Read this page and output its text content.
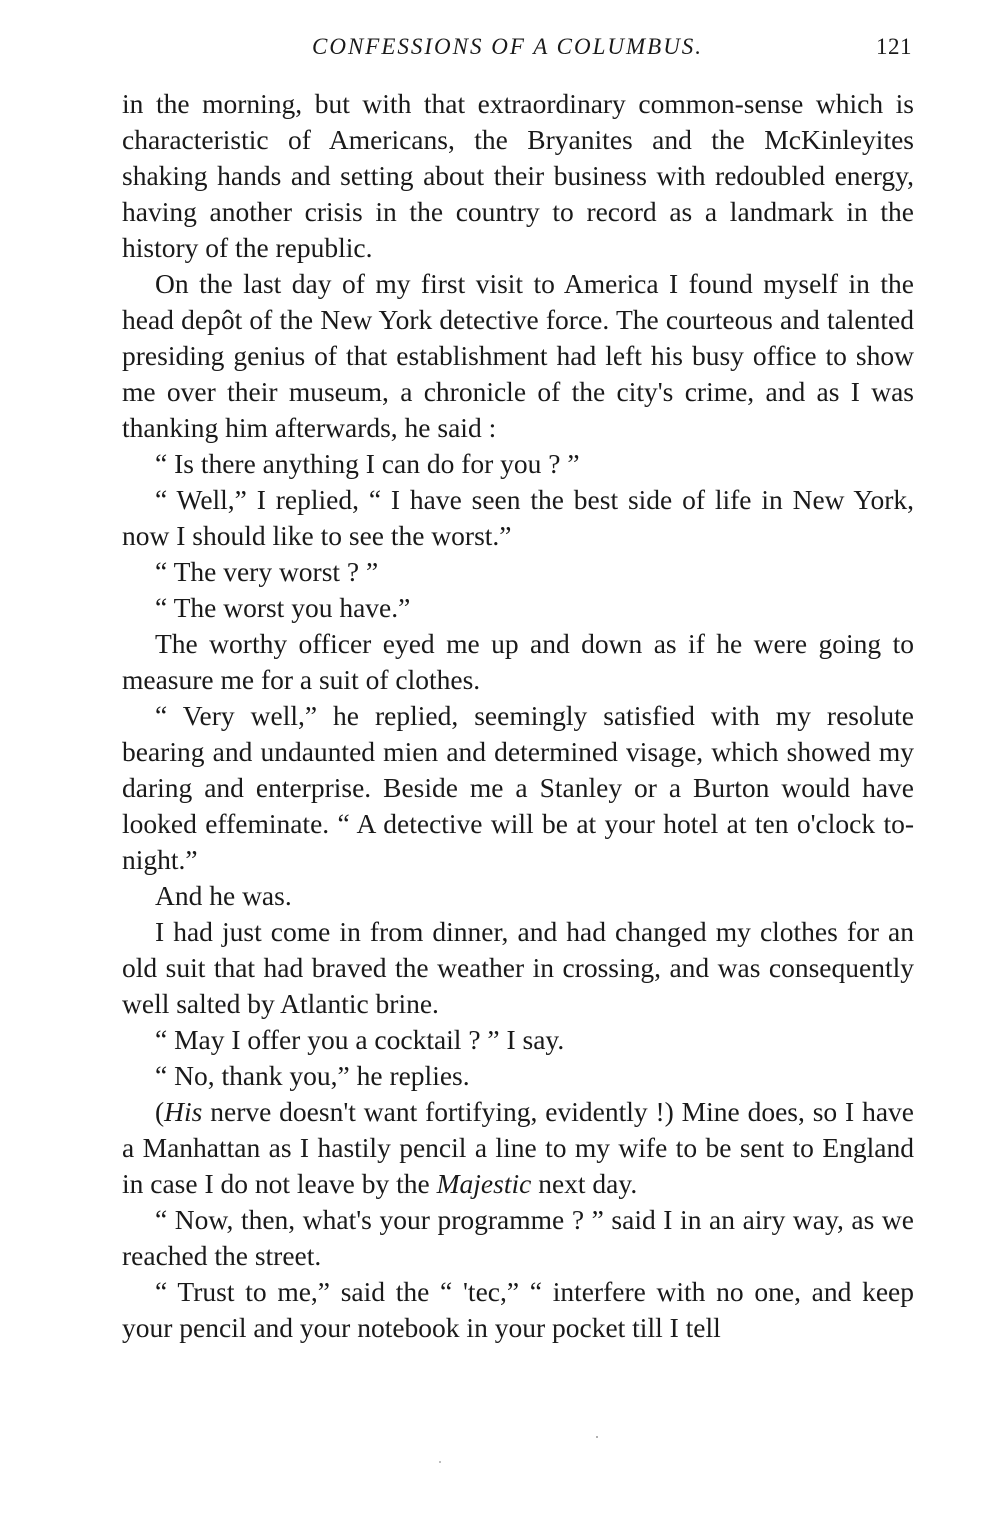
CONFESSIONS OF A COLUMBUS.	121

in the morning, but with that extraordinary common-sense which is characteristic of Americans, the Bryanites and the McKinleyites shaking hands and setting about their business with redoubled energy, having another crisis in the country to record as a landmark in the history of the republic.

On the last day of my first visit to America I found myself in the head depôt of the New York detective force. The courteous and talented presiding genius of that establishment had left his busy office to show me over their museum, a chronicle of the city's crime, and as I was thanking him afterwards, he said :

“ Is there anything I can do for you ? ”

“ Well,” I replied, “ I have seen the best side of life in New York, now I should like to see the worst.”

“ The very worst ? ”

“ The worst you have.”

The worthy officer eyed me up and down as if he were going to measure me for a suit of clothes.

“ Very well,” he replied, seemingly satisfied with my resolute bearing and undaunted mien and determined visage, which showed my daring and enterprise. Beside me a Stanley or a Burton would have looked effeminate. “ A detective will be at your hotel at ten o'clock to-night.”

And he was.

I had just come in from dinner, and had changed my clothes for an old suit that had braved the weather in crossing, and was consequently well salted by Atlantic brine.

“ May I offer you a cocktail ? ” I say.

“ No, thank you,” he replies.

(His nerve doesn't want fortifying, evidently !) Mine does, so I have a Manhattan as I hastily pencil a line to my wife to be sent to England in case I do not leave by the Majestic next day.

“ Now, then, what's your programme ? ” said I in an airy way, as we reached the street.

“ Trust to me,” said the “ 'tec,” “ interfere with no one, and keep your pencil and your notebook in your pocket till I tell
